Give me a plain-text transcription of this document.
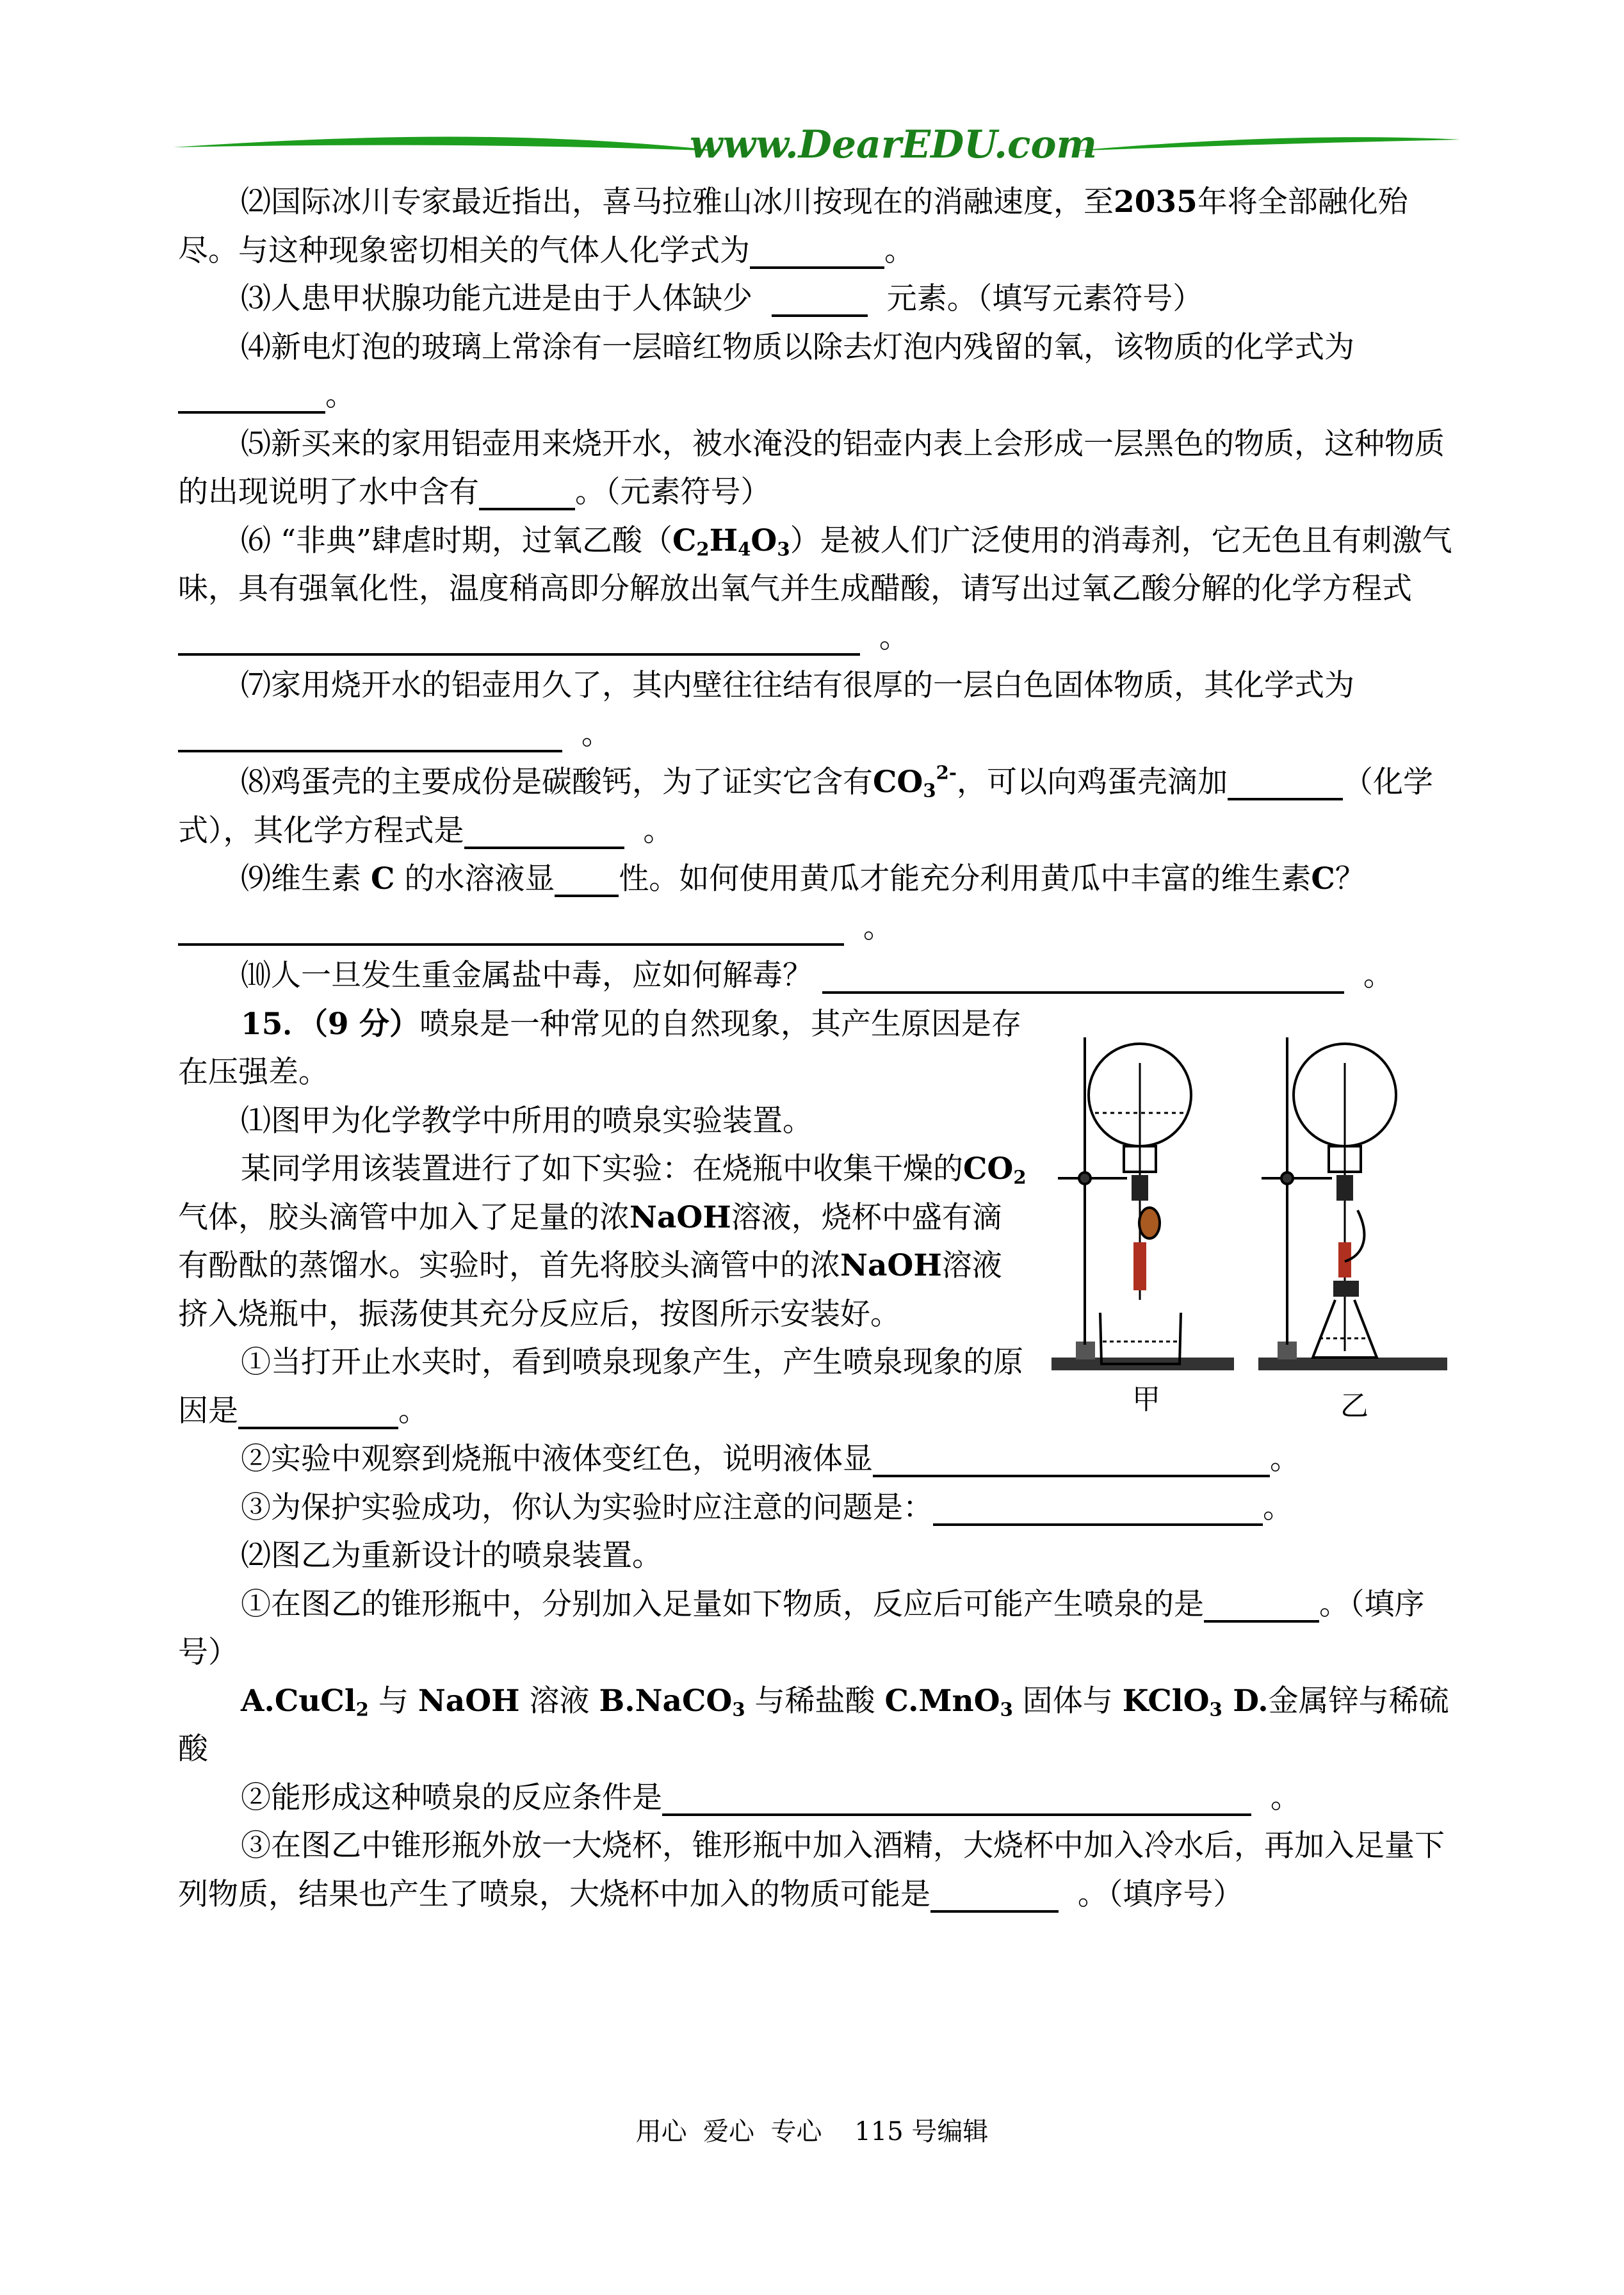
www.DearEDU.com

⑵国际冰川专家最近指出，喜马拉雅山冰川按现在的消融速度，至2035年将全部融化殆尽。与这种现象密切相关的气体人化学式为	。

⑶人患甲状腺功能亢进是由于人体缺少	元素。（填写元素符号）

⑷新电灯泡的玻璃上常涂有一层暗红物质以除去灯泡内残留的氧，该物质的化学式为。

⑸新买来的家用铝壶用来烧开水，被水淹没的铝壶内表上会形成一层黑色的物质，这种物质的出现说明了水中含有	。（元素符号）

⑹ “非典”肆虐时期，过氧乙酸$(C_2H_4O_3)$是被人们广泛使用的消毒剂，它无色且有刺激气味，具有强氧化性，温度稍高即分解放出氧气并生成醋酸，请写出过氧乙酸分解的化学方程式  。

⑺家用烧开水的铝壶用久了，其内壁往往结有很厚的一层白色固体物质，其化学式为  。

⑻鸡蛋壳的主要成份是碳酸钙，为了证实它含有$CO_3^{2-}$，可以向鸡蛋壳滴加	（化学式），其化学方程式是	。

⑼维生素 C 的水溶液显 性。如何使用黄瓜才能充分利用黄瓜中丰富的维生素C？  。

⑽人一旦发生重金属盐中毒，应如何解毒？	。

15．（9 分）喷泉是一种常见的自然现象，其产生原因是存在压强差。

⑴图甲为化学教学中所用的喷泉实验装置。

某同学用该装置进行了如下实验：在烧瓶中收集干燥的$CO_2$气体，胶头滴管中加入了足量的浓NaOH溶液，烧杯中盛有滴有酚酞的蒸馏水。实验时，首先将胶头滴管中的浓NaOH溶液挤入烧瓶中，振荡使其充分反应后，按图所示安装好。

①当打开止水夹时，看到喷泉现象产生，产生喷泉现象的原因是	。

②实验中观察到烧瓶中液体变红色，说明液体显	。

③为保护实验成功，你认为实验时应注意的问题是：	。

⑵图乙为重新设计的喷泉装置。

①在图乙的锥形瓶中，分别加入足量如下物质，反应后可能产生喷泉的是	。（填序号）

A.CuCl$_2$ 与 NaOH 溶液 B.NaCO$_3$ 与稀盐酸 C.MnO$_3$ 固体与 KClO$_3$ D.金属锌与稀硫酸

②能形成这种喷泉的反应条件是	。

③在图乙中锥形瓶外放一大烧杯，锥形瓶中加入酒精，大烧杯中加入冷水后，再加入足量下列物质，结果也产生了喷泉，大烧杯中加入的物质可能是	。（填序号）

甲	乙
用心  爱心  专心    115 号编辑
